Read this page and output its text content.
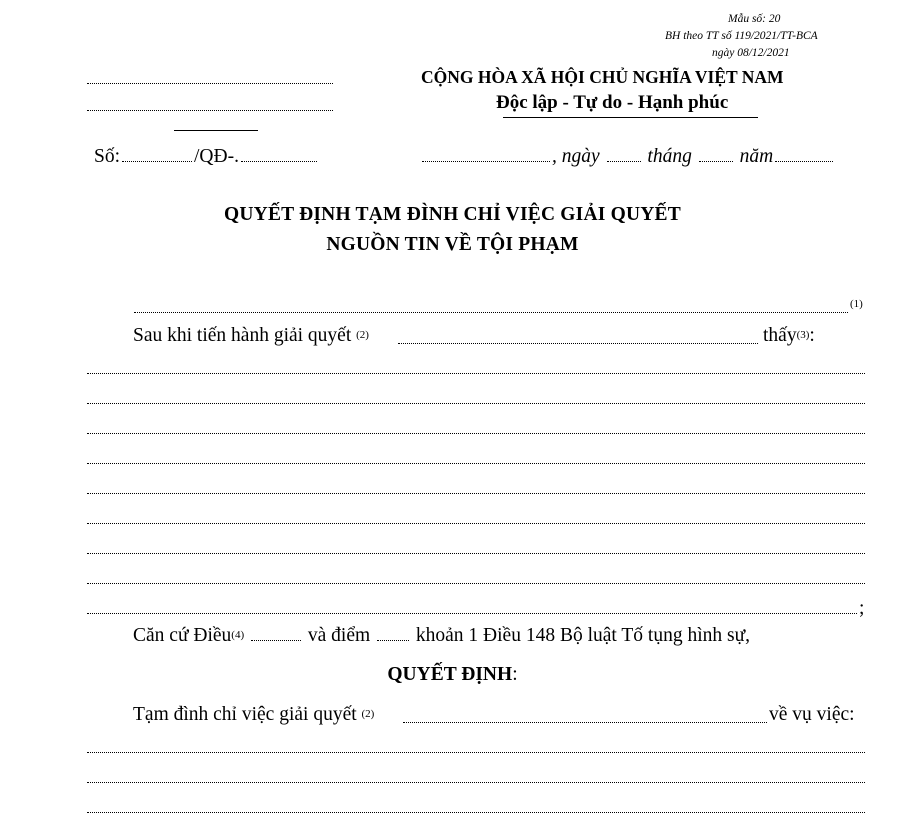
Mẫu số: 20
BH theo TT số 119/2021/TT-BCA
ngày 08/12/2021
CỘNG HÒA XÃ HỘI CHỦ NGHĨA VIỆT NAM
Độc lập - Tự do - Hạnh phúc
Số:	/QĐ-.	, ngày tháng năm
QUYẾT ĐỊNH TẠM ĐÌNH CHỈ VIỆC GIẢI QUYẾT
NGUỒN TIN VỀ TỘI PHẠM
(1)
Sau khi tiến hành giải quyết $^{(2)}$	thấy$^{(3)}$:
;
Căn cứ Điều$^{(4)}$	và điểm khoản 1 Điều 148 Bộ luật Tố tụng hình sự,
QUYẾT ĐỊNH:
Tạm đình chỉ việc giải quyết $^{(2)}$	về vụ việc:
